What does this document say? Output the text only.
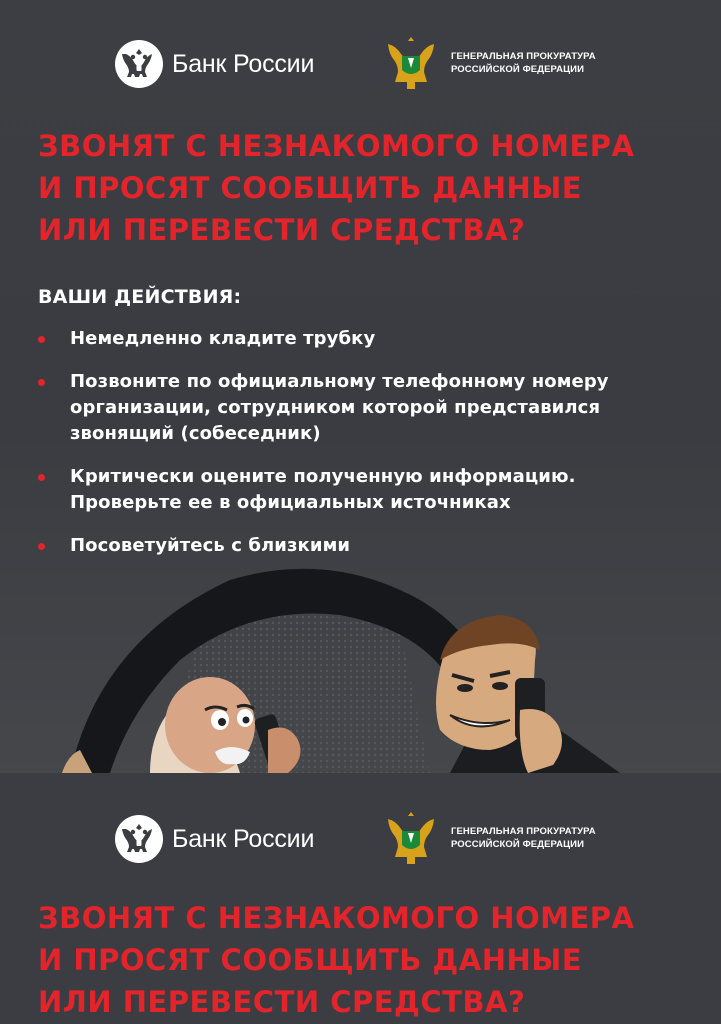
Банк России	ГЕНЕРАЛЬНАЯ ПРОКУРАТУРА
РОССИЙСКОЙ ФЕДЕРАЦИИ
ЗВОНЯТ С НЕЗНАКОМОГО НОМЕРА
И ПРОСЯТ СООБЩИТЬ ДАННЫЕ
ИЛИ ПЕРЕВЕСТИ СРЕДСТВА?
ВАШИ ДЕЙСТВИЯ:
Немедленно кладите трубку
Позвоните по официальному телефонному номеру
организации, сотрудником которой представился
звонящий (собеседник)
Критически оцените полученную информацию.
Проверьте ее в официальных источниках
Посоветуйтесь с близкими
Банк России	ГЕНЕРАЛЬНАЯ ПРОКУРАТУРА
РОССИЙСКОЙ ФЕДЕРАЦИИ
ЗВОНЯТ С НЕЗНАКОМОГО НОМЕРА
И ПРОСЯТ СООБЩИТЬ ДАННЫЕ
ИЛИ ПЕРЕВЕСТИ СРЕДСТВА?
